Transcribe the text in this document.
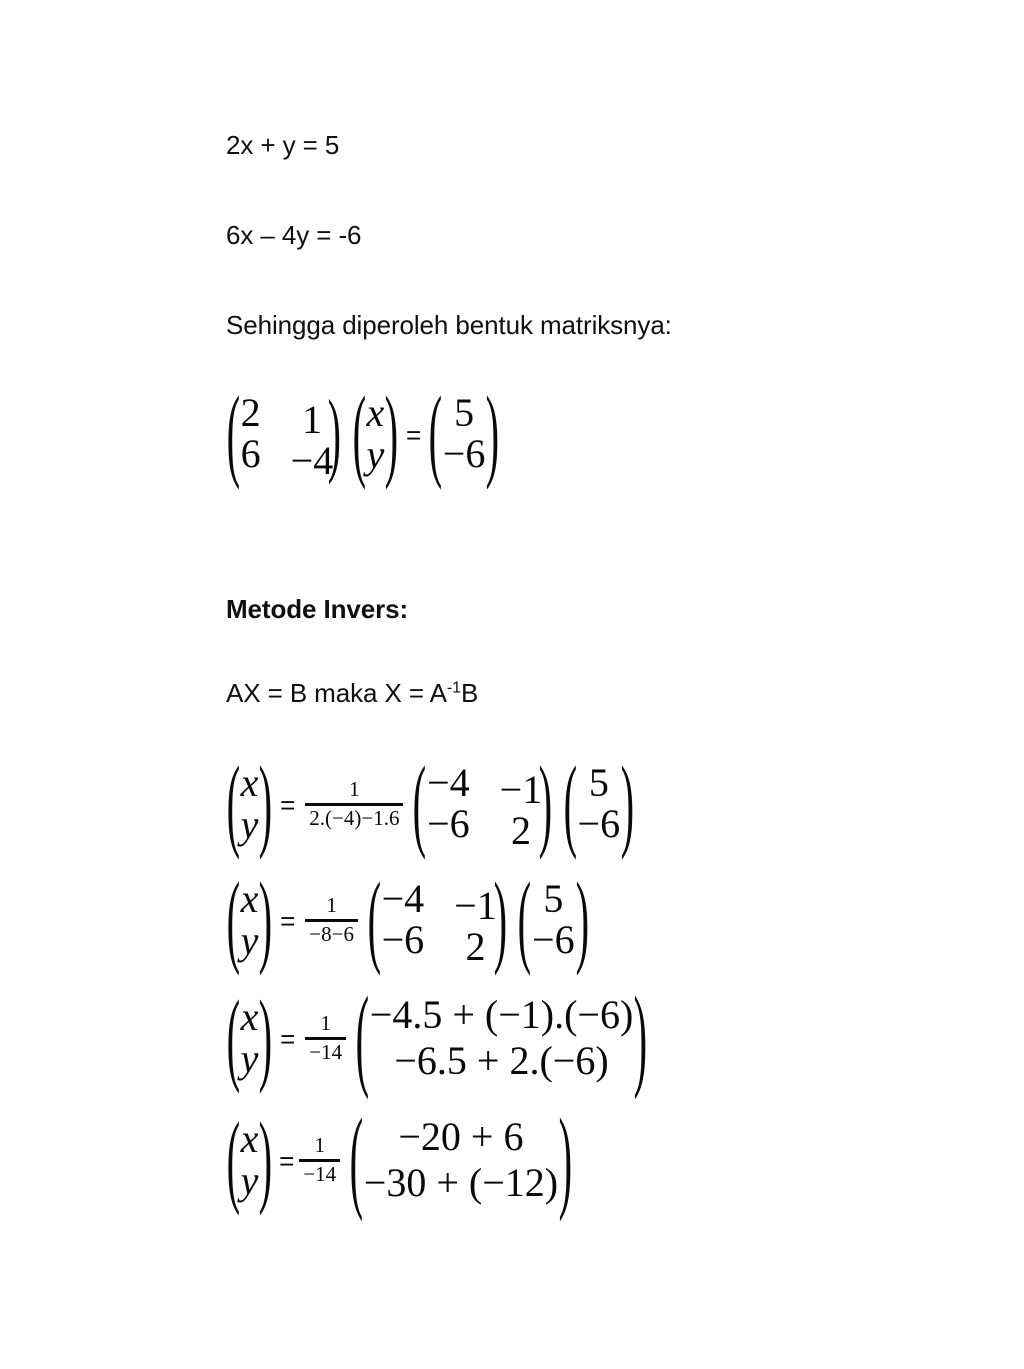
2x + y = 5
6x – 4y = -6
Sehingga diperoleh bentuk matriksnya:
( 2
6
1
−4
) ( x
y ) = ( 5
−6 )
Metode Invers:
AX = B maka $X = A^{-1}B$
( x
y ) = $\frac{1}{2.(-4)-1.6}$ ( −4
−6
−1
2 ) ( 5
−6 )
( x
y ) = $\frac{1}{-8-6}$ ( −4
−6
−1
2 ) ( 5
−6 )
( x
y ) = $\frac{1}{-14}$ ( −4.5 + (−1).(−6)
−6.5 + 2.(−6) )
( x
y ) = $\frac{1}{-14}$ ( −20 + 6
−30 + (−12) )
